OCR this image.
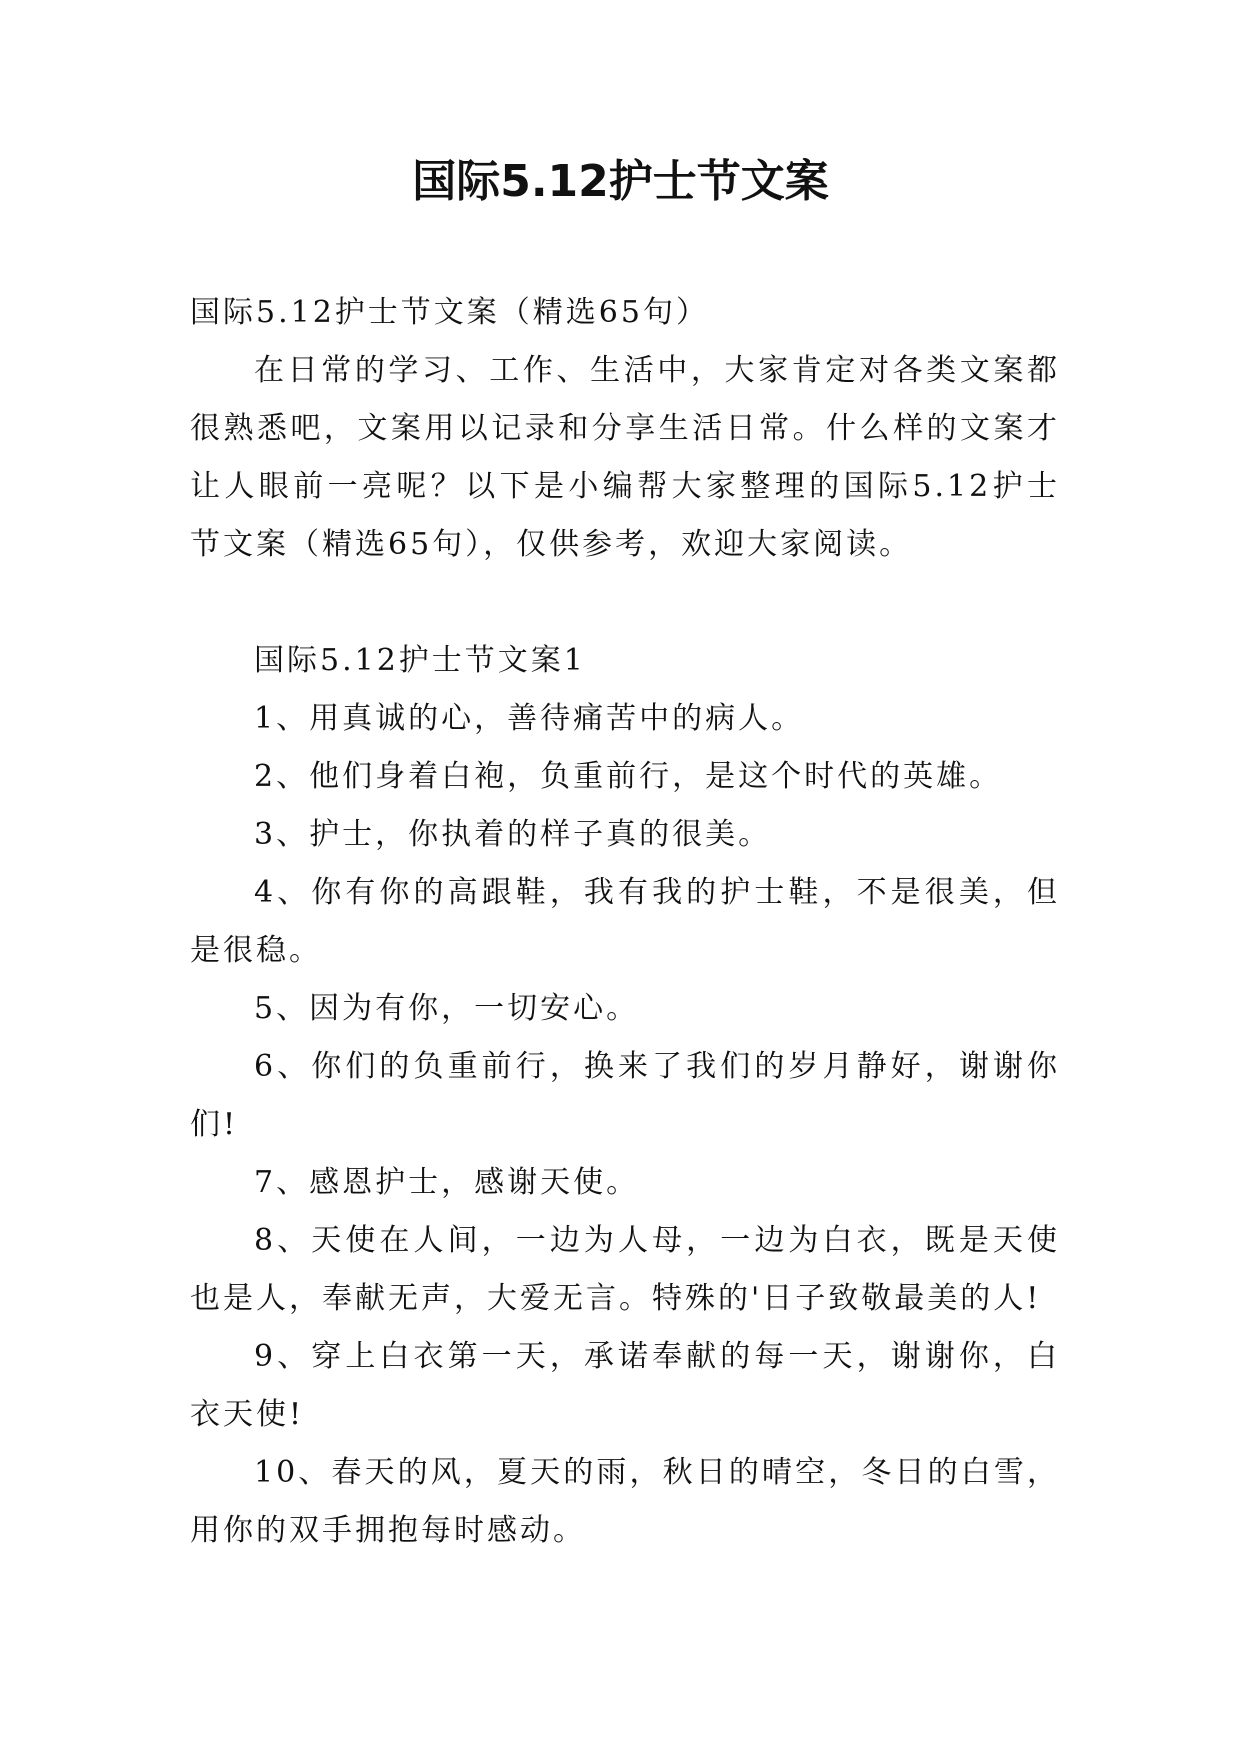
国际5.12护士节文案

国际5.12护士节文案（精选65句）

在日常的学习、工作、生活中，大家肯定对各类文案都很熟悉吧，文案用以记录和分享生活日常。什么样的文案才让人眼前一亮呢？以下是小编帮大家整理的国际5.12护士节文案（精选65句），仅供参考，欢迎大家阅读。

国际5.12护士节文案1

1、用真诚的心，善待痛苦中的病人。

2、他们身着白袍，负重前行，是这个时代的英雄。

3、护士，你执着的样子真的很美。

4、你有你的高跟鞋，我有我的护士鞋，不是很美，但是很稳。

5、因为有你，一切安心。

6、你们的负重前行，换来了我们的岁月静好，谢谢你们!

7、感恩护士，感谢天使。

8、天使在人间，一边为人母，一边为白衣，既是天使也是人，奉献无声，大爱无言。特殊的'日子致敬最美的人!

9、穿上白衣第一天，承诺奉献的每一天，谢谢你，白衣天使!

10、春天的风，夏天的雨，秋日的晴空，冬日的白雪，用你的双手拥抱每时感动。
